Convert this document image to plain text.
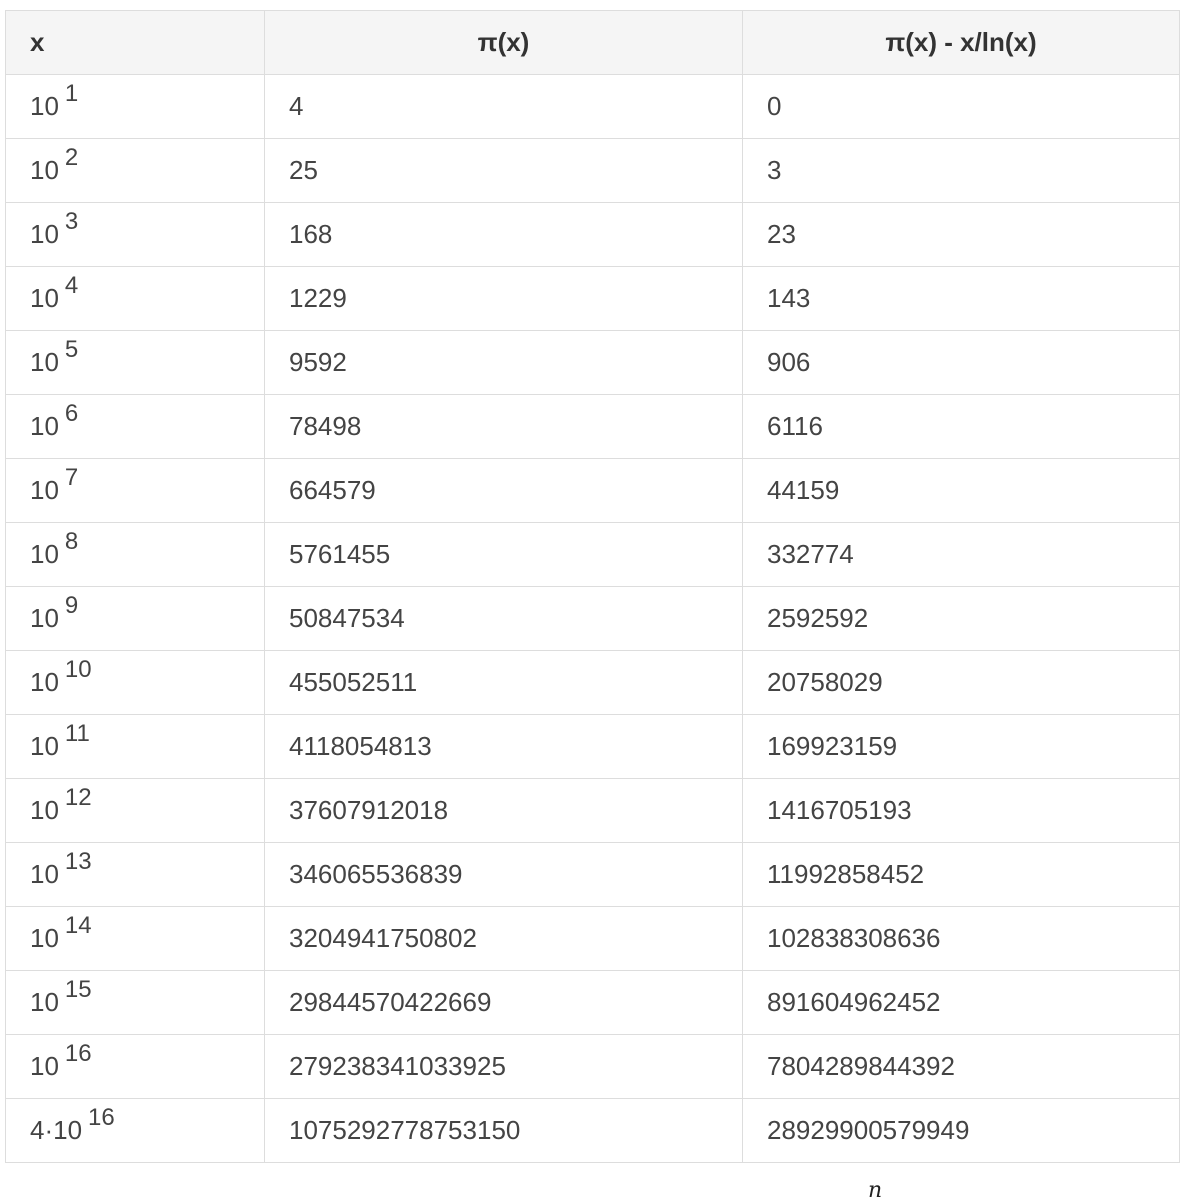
x	π(x)	π(x) - x/ln(x)
10 $^1$	4	0
10 $^2$	25	3
10 $^3$	168	23
10 $^4$	1229	143
10 $^5$	9592	906
10 $^6$	78498	6116
10 $^7$	664579	44159
10 $^8$	5761455	332774
10 $^9$	50847534	2592592
10 $^{10}$	455052511	20758029
10 $^{11}$	4118054813	169923159
10 $^{12}$	37607912018	1416705193
10 $^{13}$	346065536839	11992858452
10 $^{14}$	3204941750802	102838308636
10 $^{15}$	29844570422669	891604962452
10 $^{16}$	279238341033925	7804289844392
4·10 $^{16}$	1075292778753150	28929900579949
n
